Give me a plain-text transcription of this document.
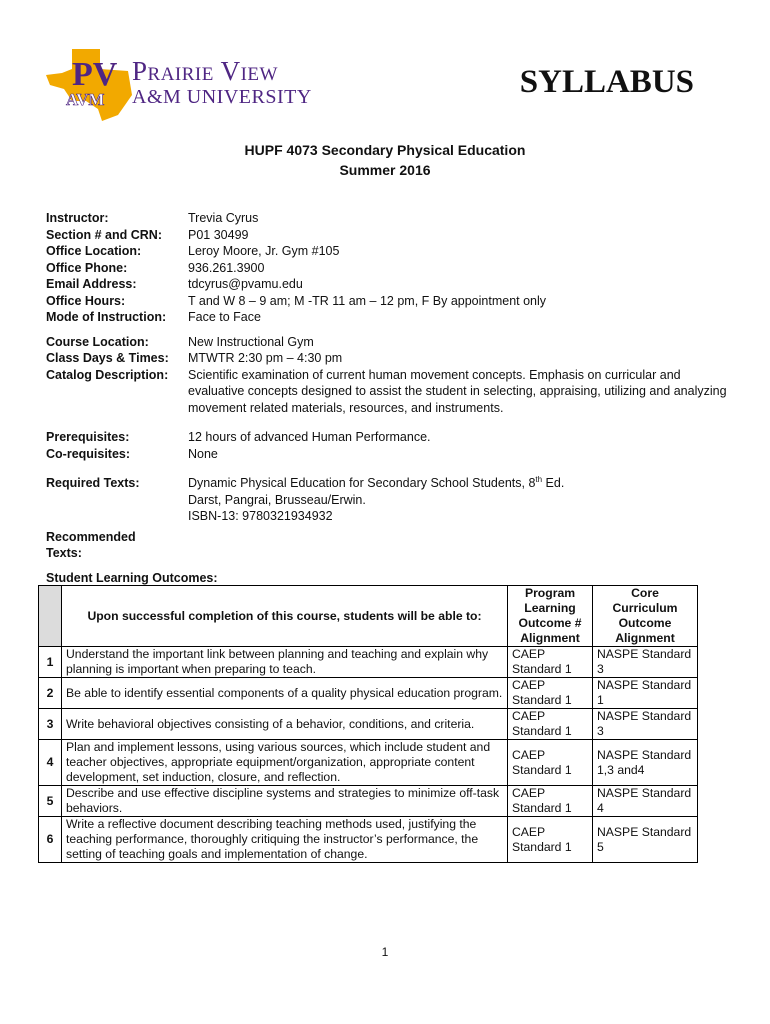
PV
AVM
Prairie View
A&M UNIVERSITY	SYLLABUS
HUPF 4073 Secondary Physical Education
Summer 2016
Instructor:	Trevia Cyrus
Section # and CRN:	P01 30499
Office Location:	Leroy Moore, Jr. Gym #105
Office Phone:	936.261.3900
Email Address:	tdcyrus@pvamu.edu
Office Hours:	T and W 8 – 9 am; M -TR 11 am – 12 pm, F By appointment only
Mode of Instruction:	Face to Face
Course Location:	New Instructional Gym
Class Days & Times:	MTWTR 2:30 pm – 4:30 pm
Catalog Description:	Scientific examination of current human movement concepts. Emphasis on curricular and evaluative concepts designed to assist the student in selecting, appraising, utilizing and analyzing movement related materials, resources, and instruments.
Prerequisites:	12 hours of advanced Human Performance.
Co-requisites:	None
Required Texts:	Dynamic Physical Education for Secondary School Students, 8th Ed.
Darst, Pangrai, Brusseau/Erwin.
ISBN-13: 9780321934932
Recommended Texts:
Student Learning Outcomes:
	Upon successful completion of this course, students will be able to:	Program Learning Outcome # Alignment	Core Curriculum Outcome Alignment
1	Understand the important link between planning and teaching and explain why planning is important when preparing to teach.	CAEP Standard 1	NASPE Standard 3
2	Be able to identify essential components of a quality physical education program.	CAEP Standard 1	NASPE Standard 1
3	Write behavioral objectives consisting of a behavior, conditions, and criteria.	CAEP Standard 1	NASPE Standard 3
4	Plan and implement lessons, using various sources, which include student and teacher objectives, appropriate equipment/organization, appropriate content development, set induction, closure, and reflection.	CAEP Standard 1	NASPE Standard 1,3 and4
5	Describe and use effective discipline systems and strategies to minimize off-task behaviors.	CAEP Standard 1	NASPE Standard 4
6	Write a reflective document describing teaching methods used, justifying the teaching performance, thoroughly critiquing the instructor’s performance, the setting of teaching goals and implementation of change.	CAEP Standard 1	NASPE Standard 5
1
